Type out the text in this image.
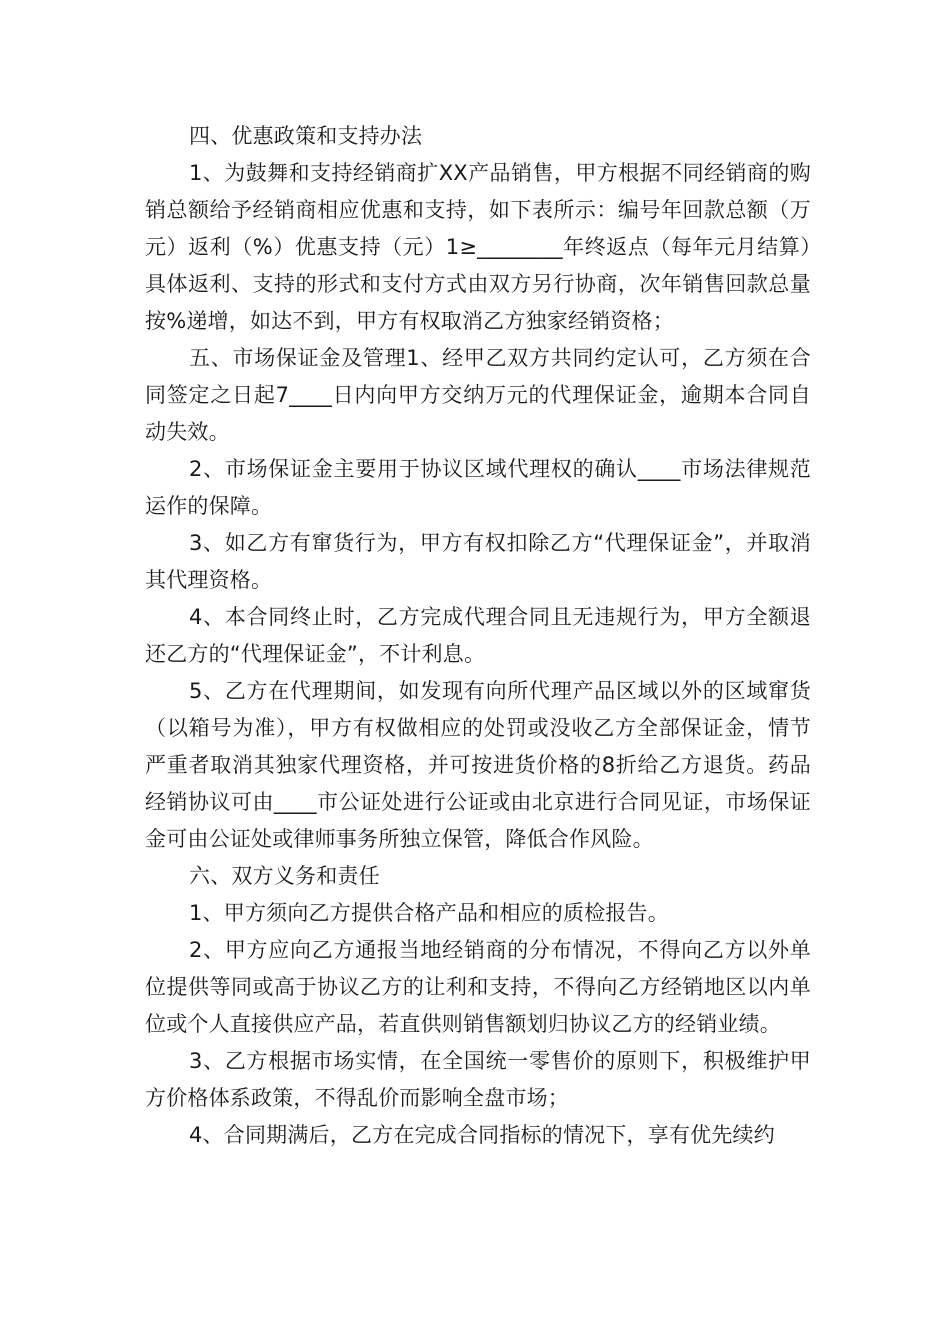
四、优惠政策和支持办法

1、为鼓舞和支持经销商扩XX产品销售，甲方根据不同经销商的购销总额给予经销商相应优惠和支持，如下表所示：编号年回款总额（万元）返利（%）优惠支持（元）1≥________年终返点（每年元月结算）具体返利、支持的形式和支付方式由双方另行协商，次年销售回款总量按%递增，如达不到，甲方有权取消乙方独家经销资格；

五、市场保证金及管理1、经甲乙双方共同约定认可，乙方须在合同签定之日起7____日内向甲方交纳万元的代理保证金，逾期本合同自动失效。

2、市场保证金主要用于协议区域代理权的确认____市场法律规范运作的保障。

3、如乙方有窜货行为，甲方有权扣除乙方“代理保证金”，并取消其代理资格。

4、本合同终止时，乙方完成代理合同且无违规行为，甲方全额退还乙方的“代理保证金”，不计利息。

5、乙方在代理期间，如发现有向所代理产品区域以外的区域窜货（以箱号为准），甲方有权做相应的处罚或没收乙方全部保证金，情节严重者取消其独家代理资格，并可按进货价格的8折给乙方退货。药品经销协议可由____市公证处进行公证或由北京进行合同见证，市场保证金可由公证处或律师事务所独立保管，降低合作风险。

六、双方义务和责任

1、甲方须向乙方提供合格产品和相应的质检报告。

2、甲方应向乙方通报当地经销商的分布情况，不得向乙方以外单位提供等同或高于协议乙方的让利和支持，不得向乙方经销地区以内单位或个人直接供应产品，若直供则销售额划归协议乙方的经销业绩。

3、乙方根据市场实情，在全国统一零售价的原则下，积极维护甲方价格体系政策，不得乱价而影响全盘市场；

4、合同期满后，乙方在完成合同指标的情况下，享有优先续约
